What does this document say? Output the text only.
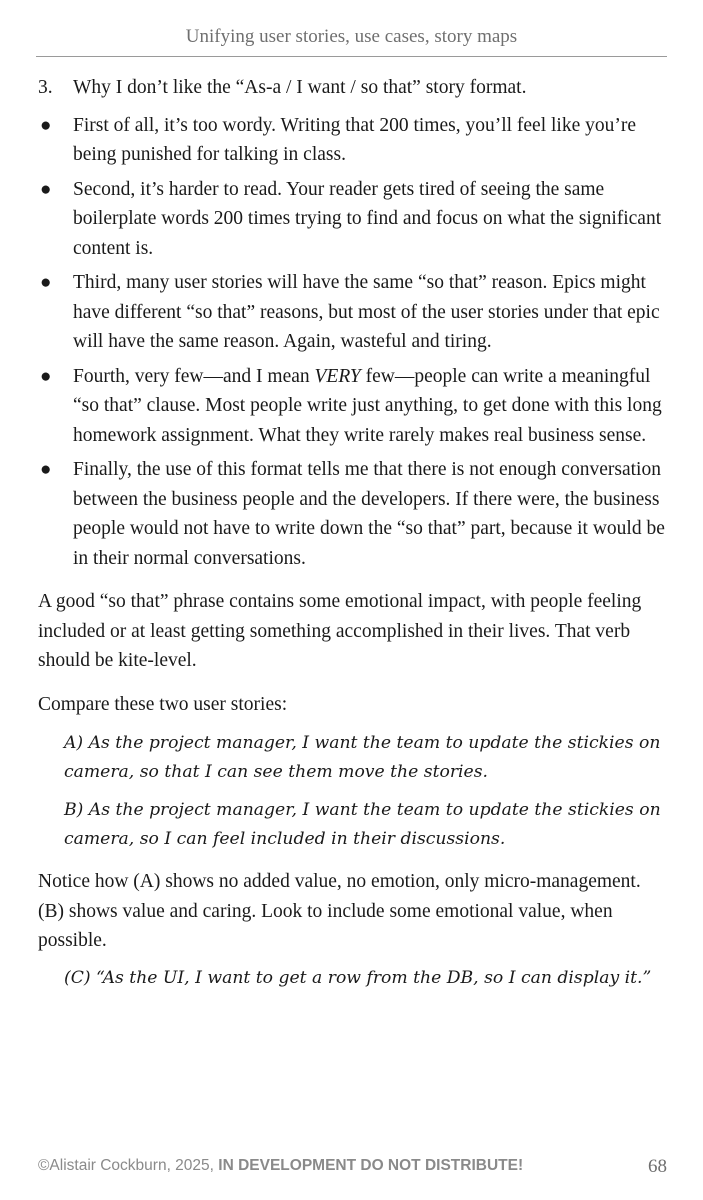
Unifying user stories, use cases, story maps
3. Why I don’t like the “As-a / I want / so that” story format.
● First of all, it’s too wordy. Writing that 200 times, you’ll feel like you’re being punished for talking in class.
● Second, it’s harder to read. Your reader gets tired of seeing the same boilerplate words 200 times trying to find and focus on what the significant content is.
● Third, many user stories will have the same “so that” reason. Epics might have different “so that” reasons, but most of the user stories under that epic will have the same reason. Again, wasteful and tiring.
● Fourth, very few—and I mean VERY few—people can write a meaningful “so that” clause. Most people write just anything, to get done with this long homework assignment. What they write rarely makes real business sense.
● Finally, the use of this format tells me that there is not enough conversation between the business people and the developers. If there were, the business people would not have to write down the “so that” part, because it would be in their normal conversations.

A good “so that” phrase contains some emotional impact, with people feeling included or at least getting something accomplished in their lives. That verb should be kite-level.

Compare these two user stories:

A) As the project manager, I want the team to update the stickies on camera, so that I can see them move the stories.
B) As the project manager, I want the team to update the stickies on camera, so I can feel included in their discussions.

Notice how (A) shows no added value, no emotion, only micro-management. (B) shows value and caring. Look to include some emotional value, when possible.

(C) “As the UI, I want to get a row from the DB, so I can display it.”
©Alistair Cockburn, 2025, IN DEVELOPMENT DO NOT DISTRIBUTE!	68
